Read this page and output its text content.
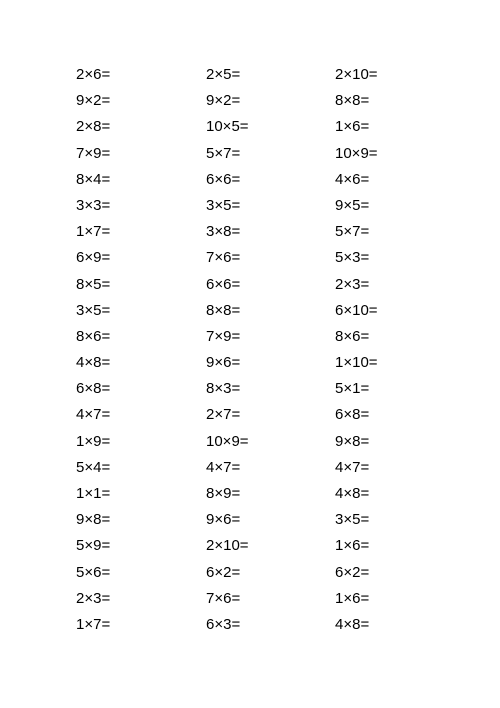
2×6=	2×5=	2×10=
9×2=	9×2=	8×8=
2×8=	10×5=	1×6=
7×9=	5×7=	10×9=
8×4=	6×6=	4×6=
3×3=	3×5=	9×5=
1×7=	3×8=	5×7=
6×9=	7×6=	5×3=
8×5=	6×6=	2×3=
3×5=	8×8=	6×10=
8×6=	7×9=	8×6=
4×8=	9×6=	1×10=
6×8=	8×3=	5×1=
4×7=	2×7=	6×8=
1×9=	10×9=	9×8=
5×4=	4×7=	4×7=
1×1=	8×9=	4×8=
9×8=	9×6=	3×5=
5×9=	2×10=	1×6=
5×6=	6×2=	6×2=
2×3=	7×6=	1×6=
1×7=	6×3=	4×8=
